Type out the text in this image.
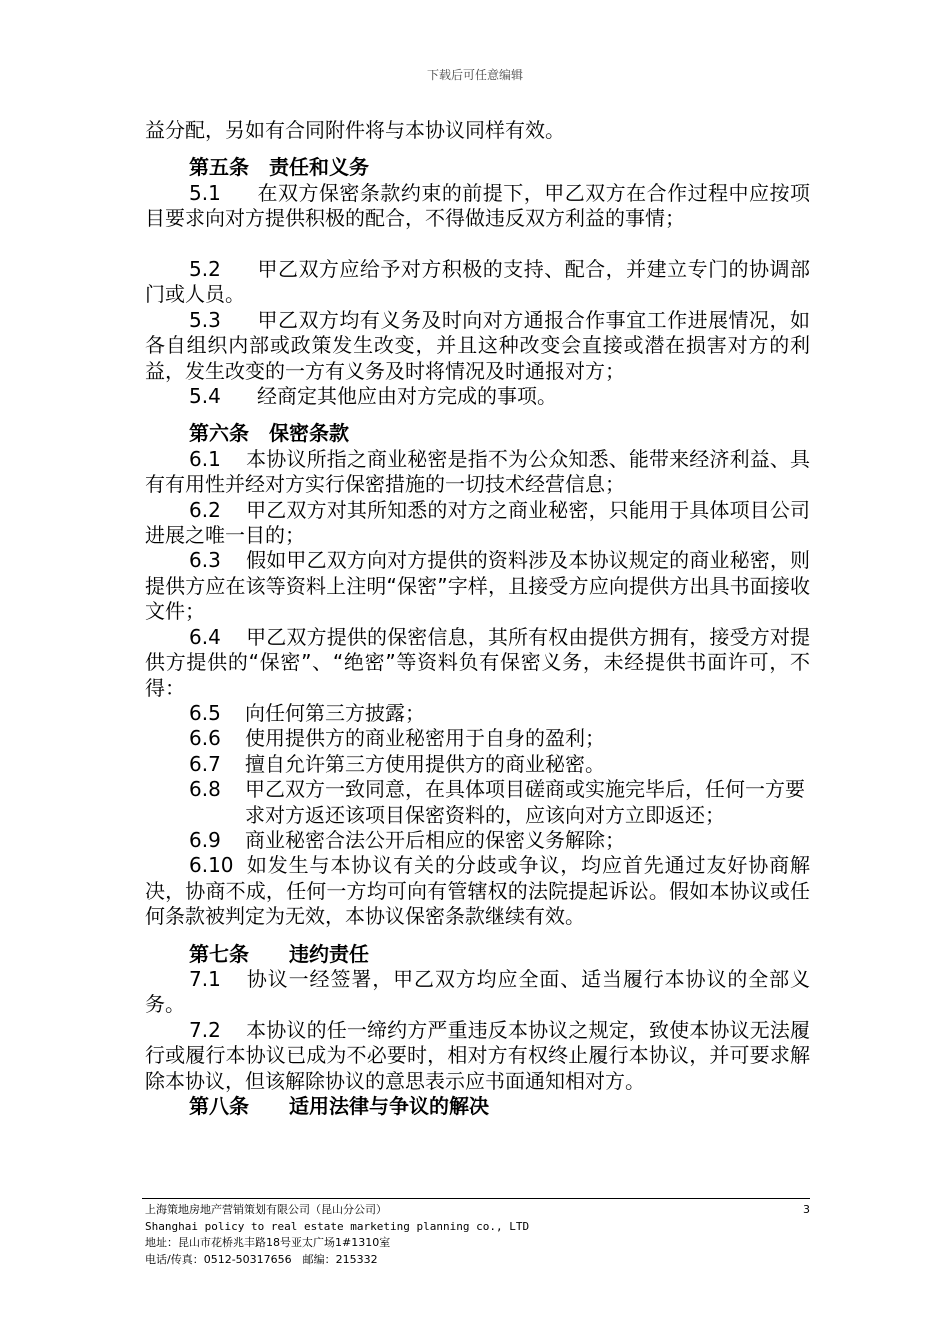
下载后可任意编辑

益分配，另如有合同附件将与本协议同样有效。

第五条　责任和义务

5.1 在双方保密条款约束的前提下，甲乙双方在合作过程中应按项目要求向对方提供积极的配合，不得做违反双方利益的事情；

5.2 甲乙双方应给予对方积极的支持、配合，并建立专门的协调部门或人员。

5.3 甲乙双方均有义务及时向对方通报合作事宜工作进展情况，如各自组织内部或政策发生改变，并且这种改变会直接或潜在损害对方的利益，发生改变的一方有义务及时将情况及时通报对方；

5.4 经商定其他应由对方完成的事项。

第六条　保密条款

6.1 本协议所指之商业秘密是指不为公众知悉、能带来经济利益、具有有用性并经对方实行保密措施的一切技术经营信息；

6.2 甲乙双方对其所知悉的对方之商业秘密，只能用于具体项目公司进展之唯一目的；

6.3 假如甲乙双方向对方提供的资料涉及本协议规定的商业秘密，则提供方应在该等资料上注明“保密”字样，且接受方应向提供方出具书面接收文件；

6.4 甲乙双方提供的保密信息，其所有权由提供方拥有，接受方对提供方提供的“保密”、“绝密”等资料负有保密义务，未经提供书面许可，不得：

6.5 向任何第三方披露；

6.6 使用提供方的商业秘密用于自身的盈利；

6.7 擅自允许第三方使用提供方的商业秘密。

6.8 甲乙双方一致同意，在具体项目磋商或实施完毕后，任何一方要求对方返还该项目保密资料的，应该向对方立即返还；

6.9 商业秘密合法公开后相应的保密义务解除；

6.10 如发生与本协议有关的分歧或争议，均应首先通过友好协商解决，协商不成，任何一方均可向有管辖权的法院提起诉讼。假如本协议或任何条款被判定为无效，本协议保密条款继续有效。

第七条　　违约责任

7.1 协议一经签署，甲乙双方均应全面、适当履行本协议的全部义务。

7.2 本协议的任一缔约方严重违反本协议之规定，致使本协议无法履行或履行本协议已成为不必要时，相对方有权终止履行本协议，并可要求解除本协议，但该解除协议的意思表示应书面通知相对方。

第八条　　适用法律与争议的解决

上海策地房地产营销策划有限公司（昆山分公司）	3
Shanghai policy to real estate marketing planning co., LTD
地址：昆山市花桥兆丰路18号亚太广场1#1310室
电话/传真：0512-50317656　邮编：215332
